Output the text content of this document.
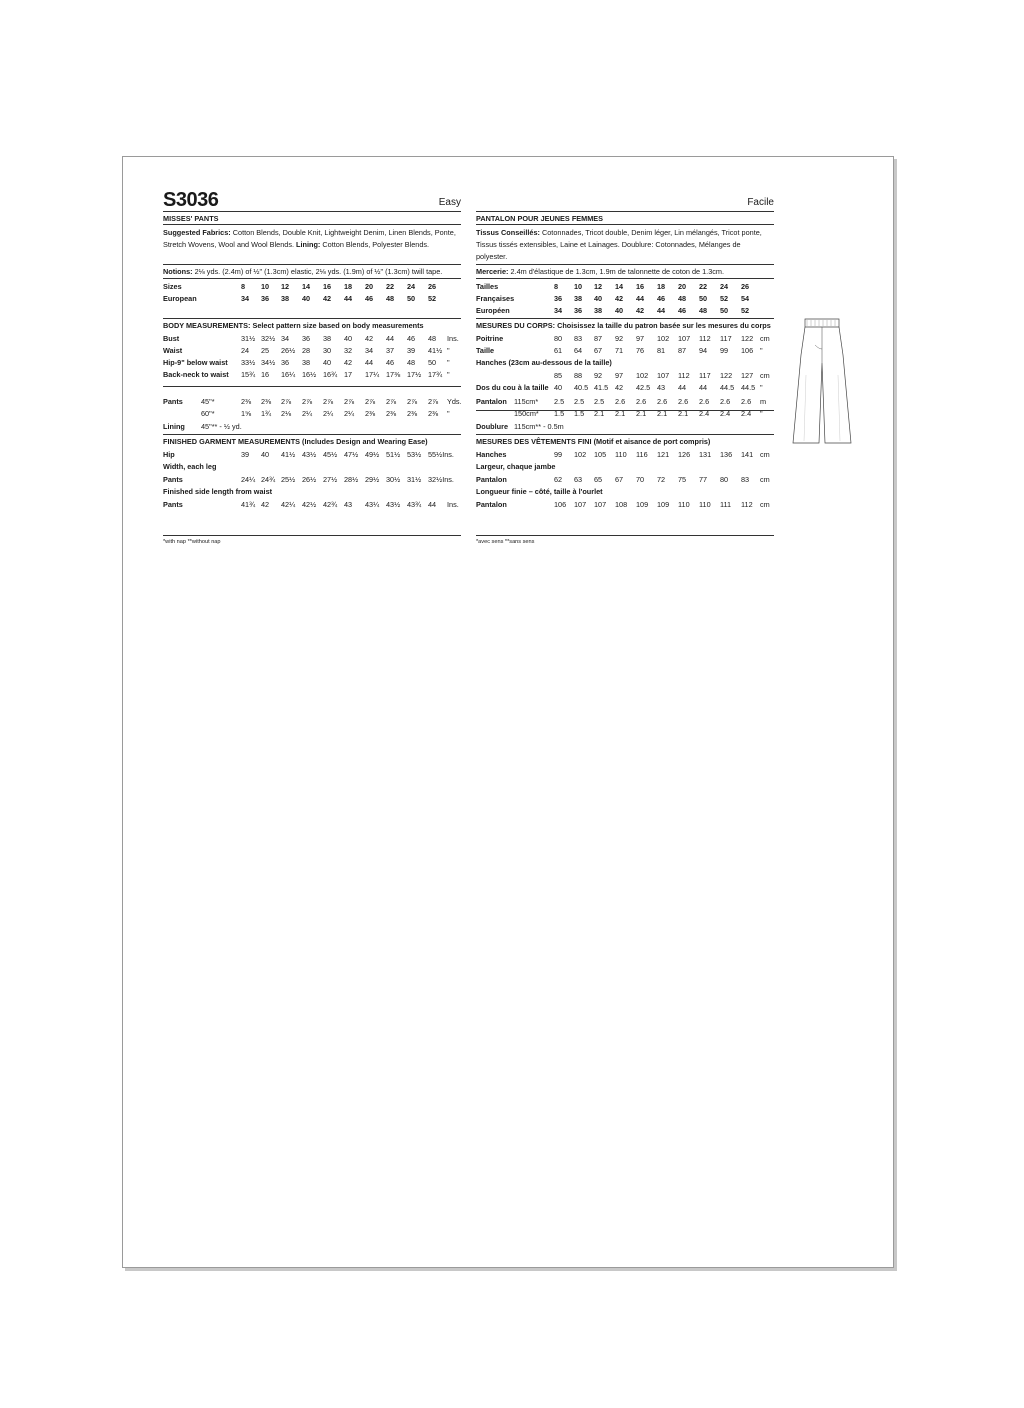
S3036	Easy
MISSES' PANTS
Suggested Fabrics: Cotton Blends, Double Knit, Lightweight Denim, Linen Blends, Ponte,
Stretch Wovens, Wool and Wool Blends. Lining: Cotton Blends, Polyester Blends.
Notions: 2⅛ yds. (2.4m) of ½" (1.3cm) elastic, 2⅛ yds. (1.9m) of ½" (1.3cm) twill tape.
Sizes	8 10 12 14 16 18 20 22 24 26
European	34 36 38 40 42 44 46 48 50 52
BODY MEASUREMENTS: Select pattern size based on body measurements
Bust	31½ 32½ 34 36 38 40 42 44 46 48 Ins.
Waist	24 25 26½ 28 30 32 34 37 39 41½ "
Hip-9" below waist 33½ 34½ 36 38 40 42 44 46 48 50 "
Back-neck to waist 15¾ 16 16¼ 16½ 16¾ 17 17¼ 17⅜ 17½ 17¾ "
Pants 45"*	2⅜ 2⅜ 2⅞ 2⅞ 2⅞ 2⅞ 2⅞ 2⅞ 2⅞ 2⅞ Yds.
60"*	1⅝ 1¾ 2⅛ 2¼ 2¼ 2¼ 2⅜ 2⅜ 2⅜ 2⅜ "
Lining 45"** - ½ yd.
FINISHED GARMENT MEASUREMENTS (Includes Design and Wearing Ease)
Hip	39 40 41½ 43½ 45½ 47½ 49½ 51½ 53½ 55½Ins.
Width, each leg
Pants	24¼ 24¾ 25½ 26½ 27½ 28½ 29½ 30½ 31½ 32½Ins.
Finished side length from waist
Pants	41¾ 42 42¼ 42½ 42¾ 43 43¼ 43½ 43¾ 44 Ins.
*with nap **without nap
Facile
PANTALON POUR JEUNES FEMMES
Tissus Conseillés: Cotonnades, Tricot double, Denim léger, Lin mélangés, Tricot ponte,
Tissus tissés extensibles, Laine et Lainages. Doublure: Cotonnades, Mélanges de
polyester.
Mercerie: 2.4m d'élastique de 1.3cm, 1.9m de talonnette de coton de 1.3cm.
Tailles	8 10 12 14 16 18 20 22 24 26
Françaises	36 38 40 42 44 46 48 50 52 54
Européen	34 36 38 40 42 44 46 48 50 52
MESURES DU CORPS: Choisissez la taille du patron basée sur les mesures du corps
Poitrine	80 83 87 92 97 102 107 112 117 122 cm
Taille	61 64 67 71 76 81 87 94 99 106 "
Hanches (23cm au-dessous de la taille)
85 88 92 97 102 107 112 117 122 127 cm
Dos du cou à la taille 40 40.5 41.5 42 42.5 43 44 44 44.5 44.5 "
Pantalon 115cm* 2.5 2.5 2.5 2.6 2.6 2.6 2.6 2.6 2.6 2.6 m
150cm* 1.5 1.5 2.1 2.1 2.1 2.1 2.1 2.4 2.4 2.4 "
Doublure 115cm** - 0.5m
MESURES DES VÊTEMENTS FINI (Motif et aisance de port compris)
Hanches	99 102 105 110 116 121 126 131 136 141 cm
Largeur, chaque jambe
Pantalon	62 63 65 67 70 72 75 77 80 83 cm
Longueur finie – côté, taille à l'ourlet
Pantalon	106 107 107 108 109 109 110 110 111 112 cm
*avec sens **sans sens
